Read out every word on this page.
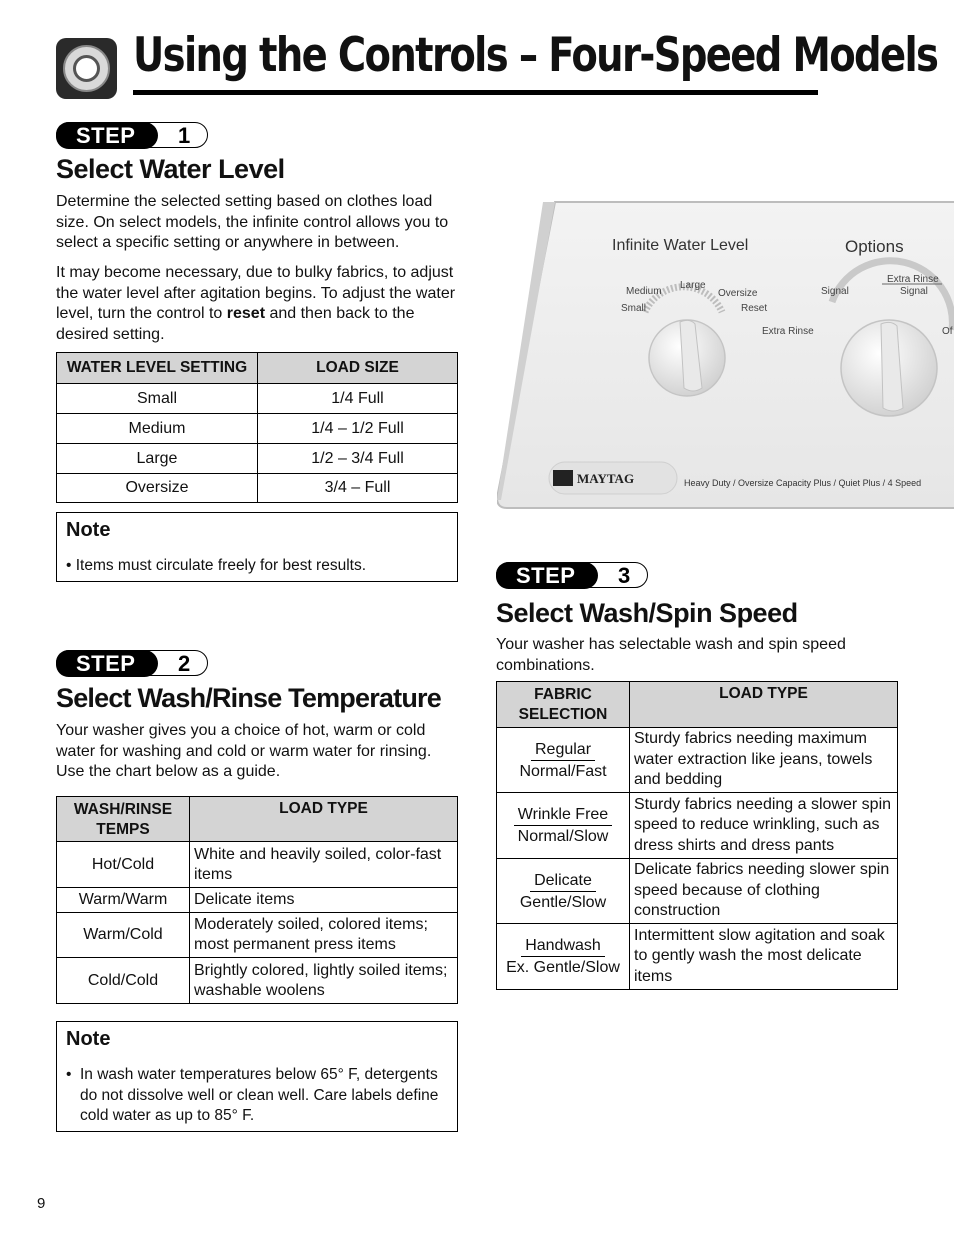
Using the Controls – Four-Speed Models
STEP 1
Select Water Level

Determine the selected setting based on clothes load size. On select models, the infinite control allows you to select a specific setting or anywhere in between.

It may become necessary, due to bulky fabrics, to adjust the water level after agitation begins. To adjust the water level, turn the control to reset and then back to the desired setting.

WATER LEVEL SETTING	LOAD SIZE
Small	1/4 Full
Medium	1/4 – 1/2 Full
Large	1/2 – 3/4 Full
Oversize	3/4 – Full
Note
• Items must circulate freely for best results.
STEP 2
Select Wash/Rinse Temperature

Your washer gives you a choice of hot, warm or cold water for washing and cold or warm water for rinsing. Use the chart below as a guide.

WASH/RINSE TEMPS	LOAD TYPE
Hot/Cold	White and heavily soiled, color-fast items
Warm/Warm	Delicate items
Warm/Cold	Moderately soiled, colored items; most permanent press items
Cold/Cold	Brightly colored, lightly soiled items; washable woolens
Note
• In wash water temperatures below 65° F, detergents do not dissolve well or clean well. Care labels define cold water as up to 85° F.
Infinite Water Level	Options
Medium
Large
Oversize
Small	Reset
Signal
Extra Rinse
Signal
Extra Rinse	Of
MAYTAG	Heavy Duty / Oversize Capacity Plus / Quiet Plus / 4 Speed
STEP 3
Select Wash/Spin Speed

Your washer has selectable wash and spin speed combinations.

FABRIC SELECTION	LOAD TYPE
Regular
Normal/Fast	Sturdy fabrics needing maximum water extraction like jeans, towels and bedding
Wrinkle Free
Normal/Slow	Sturdy fabrics needing a slower spin speed to reduce wrinkling, such as dress shirts and dress pants
Delicate
Gentle/Slow	Delicate fabrics needing slower spin speed because of clothing construction
Handwash
Ex. Gentle/Slow	Intermittent slow agitation and soak to gently wash the most delicate items
9
